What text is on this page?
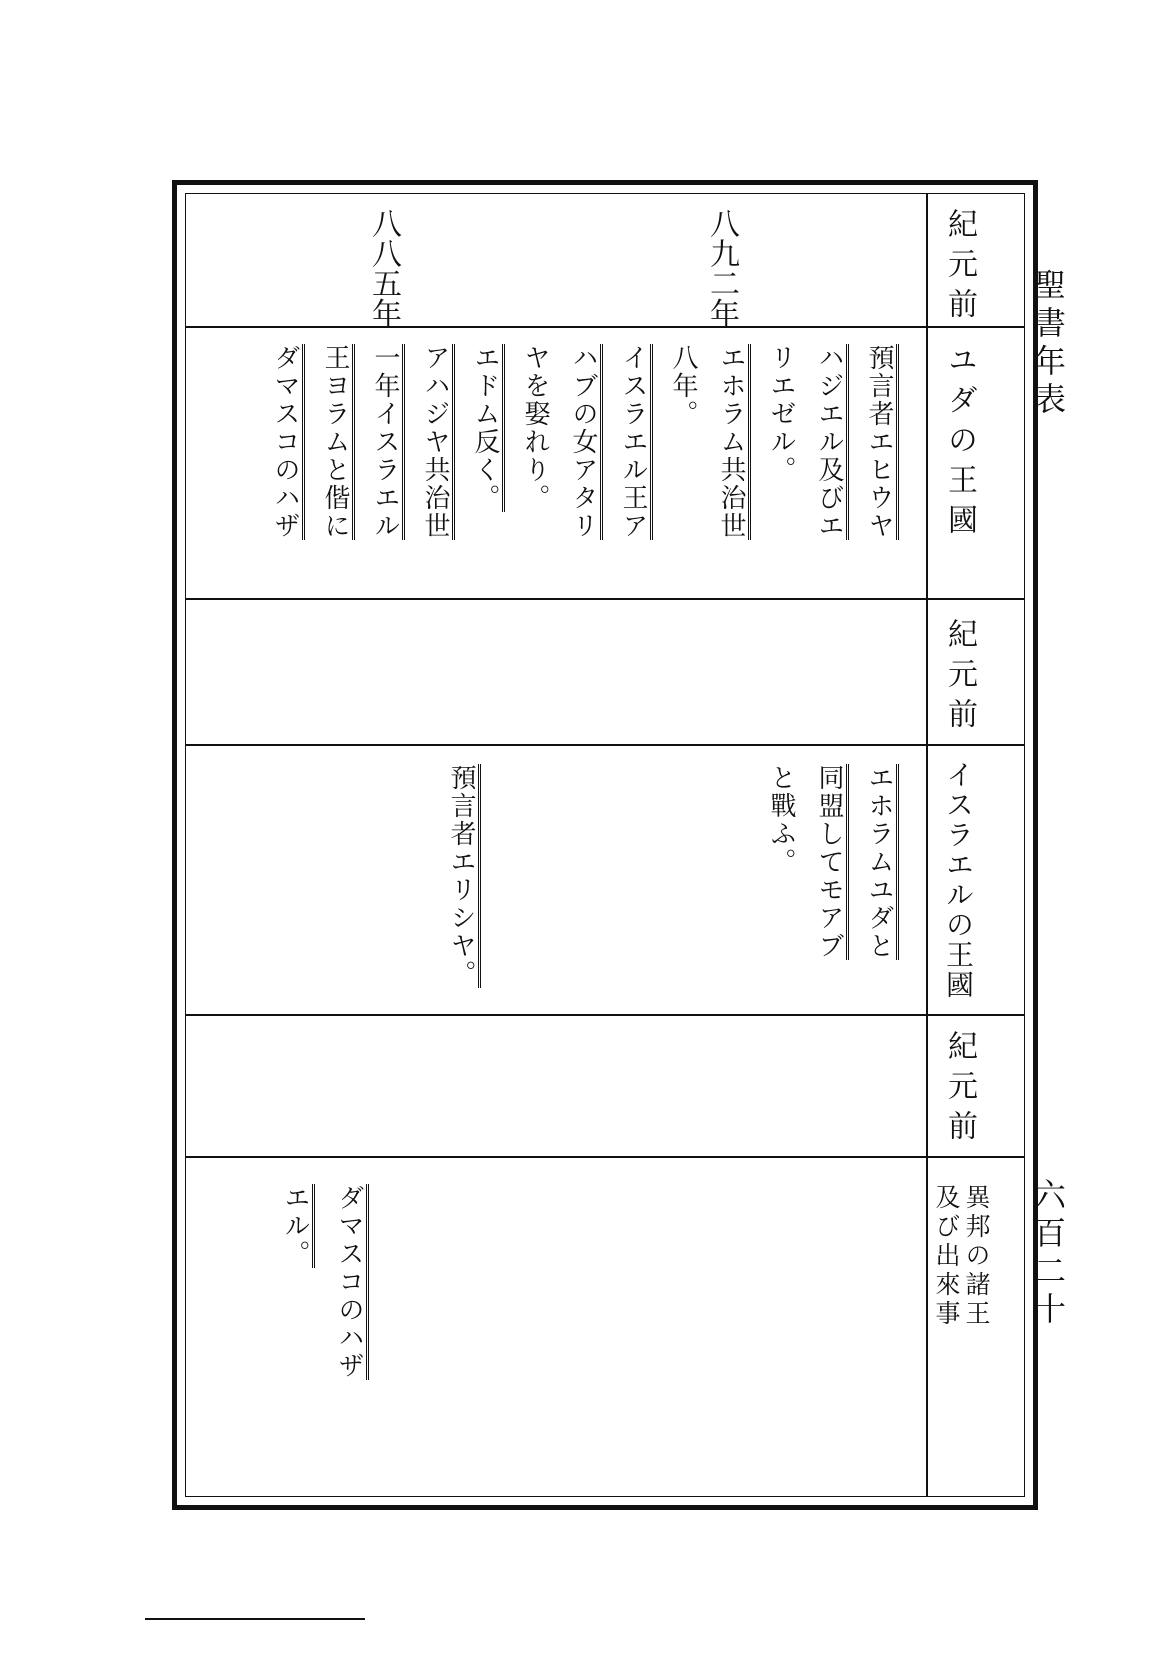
聖書年表
六百二十
紀元前
ユダの王國
紀元前
イスラエルの王國
紀元前
異邦の諸王
及び出來事
八九二年
八八五年
預言者エヒウヤ
ハジエル及びエ
リエゼル。
エホラム共治世
八年。
イスラエル王ア
ハブの女アタリ
ヤを娶れり。
エドム反く。
アハジヤ共治世
一年イスラエル
王ヨラムと偕に
ダマスコのハザ
エホラムユダと
同盟してモアブ
と戰ふ。
預言者エリシヤ。
ダマスコのハザ
エル。
